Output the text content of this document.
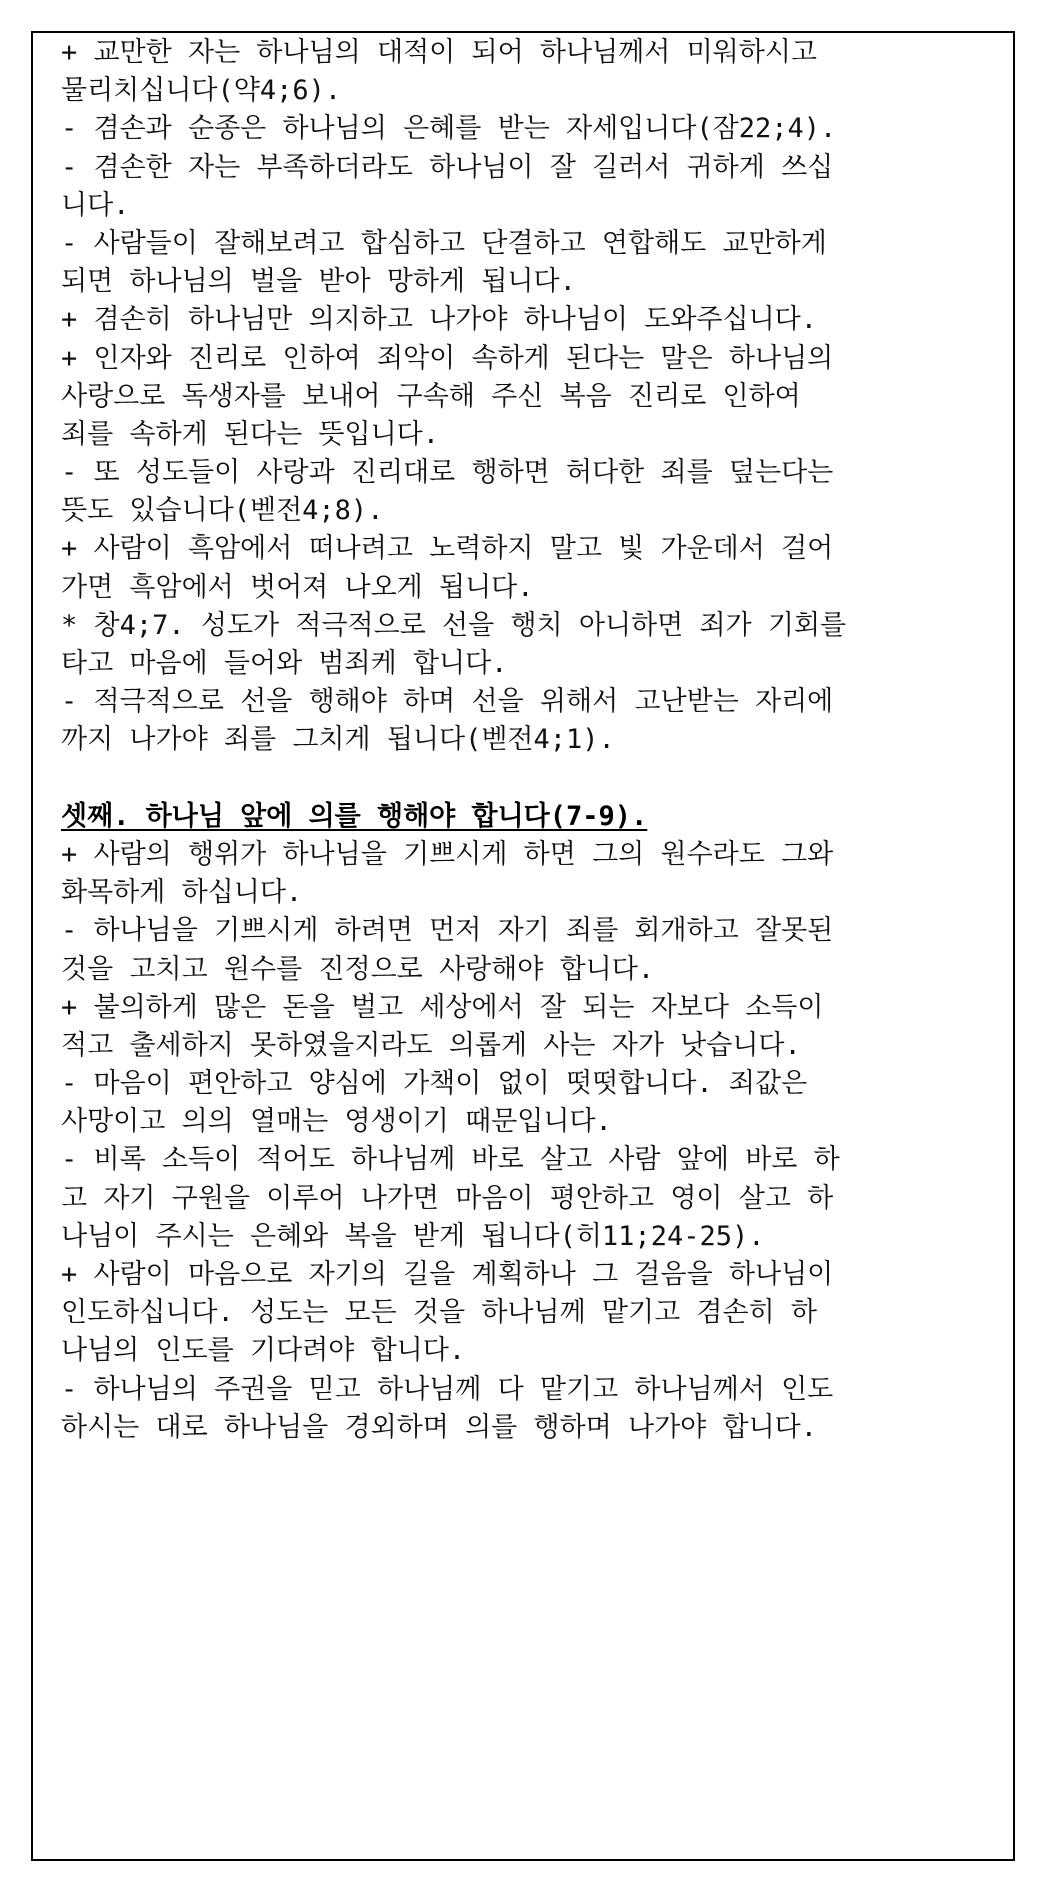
+ 교만한 자는 하나님의 대적이 되어 하나님께서 미워하시고
물리치십니다(약4;6).
- 겸손과 순종은 하나님의 은혜를 받는 자세입니다(잠22;4).
- 겸손한 자는 부족하더라도 하나님이 잘 길러서 귀하게 쓰십
니다.
- 사람들이 잘해보려고 합심하고 단결하고 연합해도 교만하게
되면 하나님의 벌을 받아 망하게 됩니다.
+ 겸손히 하나님만 의지하고 나가야 하나님이 도와주십니다.
+ 인자와 진리로 인하여 죄악이 속하게 된다는 말은 하나님의
사랑으로 독생자를 보내어 구속해 주신 복음 진리로 인하여
죄를 속하게 된다는 뜻입니다.
- 또 성도들이 사랑과 진리대로 행하면 허다한 죄를 덮는다는
뜻도 있습니다(벧전4;8).
+ 사람이 흑암에서 떠나려고 노력하지 말고 빛 가운데서 걸어
가면 흑암에서 벗어져 나오게 됩니다.
* 창4;7. 성도가 적극적으로 선을 행치 아니하면 죄가 기회를
타고 마음에 들어와 범죄케 합니다.
- 적극적으로 선을 행해야 하며 선을 위해서 고난받는 자리에
까지 나가야 죄를 그치게 됩니다(벧전4;1).
셋째. 하나님 앞에 의를 행해야 합니다(7-9).
+ 사람의 행위가 하나님을 기쁘시게 하면 그의 원수라도 그와
화목하게 하십니다.
- 하나님을 기쁘시게 하려면 먼저 자기 죄를 회개하고 잘못된
것을 고치고 원수를 진정으로 사랑해야 합니다.
+ 불의하게 많은 돈을 벌고 세상에서 잘 되는 자보다 소득이
적고 출세하지 못하였을지라도 의롭게 사는 자가 낫습니다.
- 마음이 편안하고 양심에 가책이 없이 떳떳합니다. 죄값은
사망이고 의의 열매는 영생이기 때문입니다.
- 비록 소득이 적어도 하나님께 바로 살고 사람 앞에 바로 하
고 자기 구원을 이루어 나가면 마음이 평안하고 영이 살고 하
나님이 주시는 은혜와 복을 받게 됩니다(히11;24-25).
+ 사람이 마음으로 자기의 길을 계획하나 그 걸음을 하나님이
인도하십니다. 성도는 모든 것을 하나님께 맡기고 겸손히 하
나님의 인도를 기다려야 합니다.
- 하나님의 주권을 믿고 하나님께 다 맡기고 하나님께서 인도
하시는 대로 하나님을 경외하며 의를 행하며 나가야 합니다.
